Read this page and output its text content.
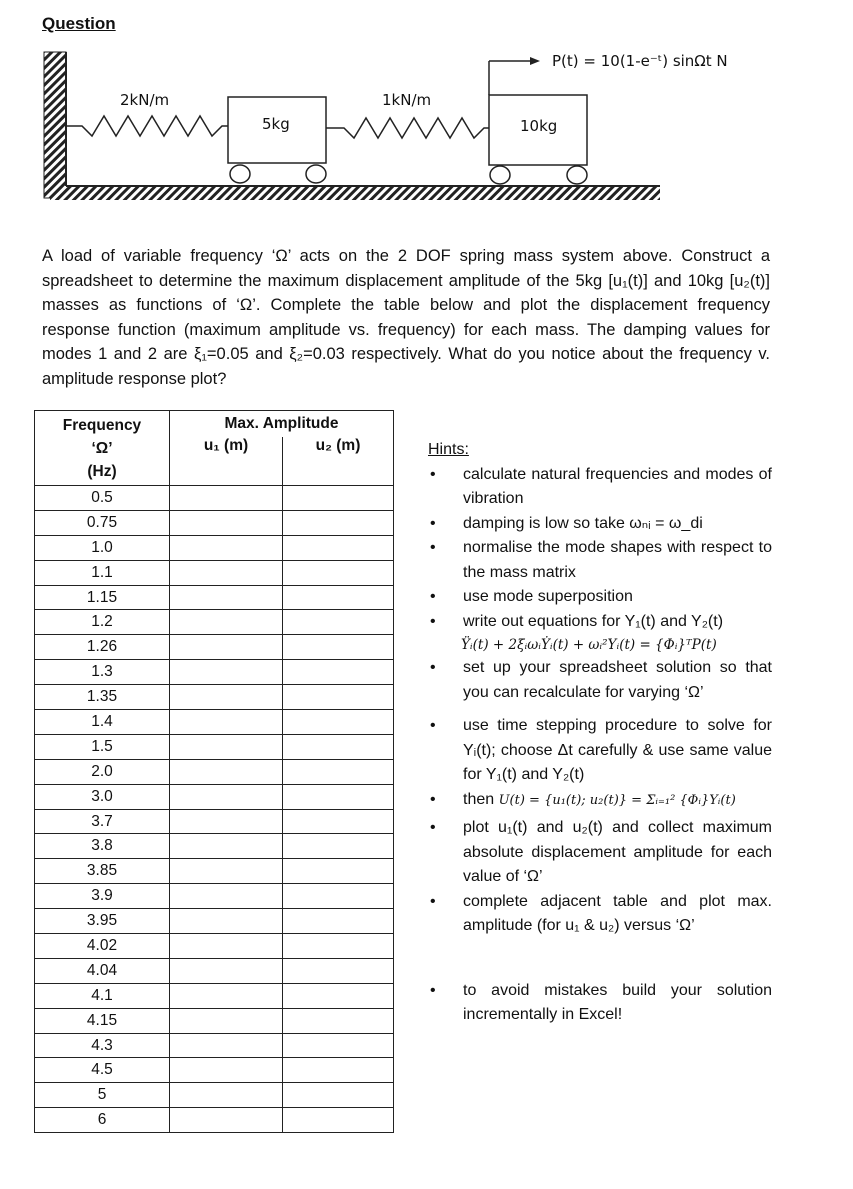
Question
2kN/m
5kg
1kN/m
10kg
P(t) = 10(1-e⁻ᵗ) sinΩt N
A load of variable frequency ‘Ω’ acts on the 2 DOF spring mass system above. Construct a spreadsheet to determine the maximum displacement amplitude of the 5kg [u₁(t)] and 10kg [u₂(t)] masses as functions of ‘Ω’. Complete the table below and plot the displacement frequency response function (maximum amplitude vs. frequency) for each mass. The damping values for modes 1 and 2 are ξ₁=0.05 and ξ₂=0.03 respectively. What do you notice about the frequency v. amplitude response plot?
Frequency
‘Ω’
(Hz)	Max. Amplitude	
	u₁ (m)	u₂ (m)
0.5		
0.75		
1.0		
1.1		
1.15		
1.2		
1.26		
1.3		
1.35		
1.4		
1.5		
2.0		
3.0		
3.7		
3.8		
3.85		
3.9		
3.95		
4.02		
4.04		
4.1		
4.15		
4.3		
4.5		
5		
6		
Hints:
• calculate natural frequencies and modes of vibration
• damping is low so take ωₙᵢ = ω_di
• normalise the mode shapes with respect to the mass matrix
• use mode superposition
• write out equations for Y₁(t) and Y₂(t)
Ÿᵢ(t) + 2ξᵢωᵢẎᵢ(t) + ωᵢ²Yᵢ(t) = {Φᵢ}ᵀP(t)
• set up your spreadsheet solution so that you can recalculate for varying ‘Ω’
• use time stepping procedure to solve for Yᵢ(t); choose Δt carefully & use same value for Y₁(t) and Y₂(t)
• then U(t) = {u₁(t); u₂(t)} = Σᵢ₌₁² {Φᵢ}Yᵢ(t)
• plot u₁(t) and u₂(t) and collect maximum absolute displacement amplitude for each value of ‘Ω’
• complete adjacent table and plot max. amplitude (for u₁ & u₂) versus ‘Ω’
• to avoid mistakes build your solution incrementally in Excel!
